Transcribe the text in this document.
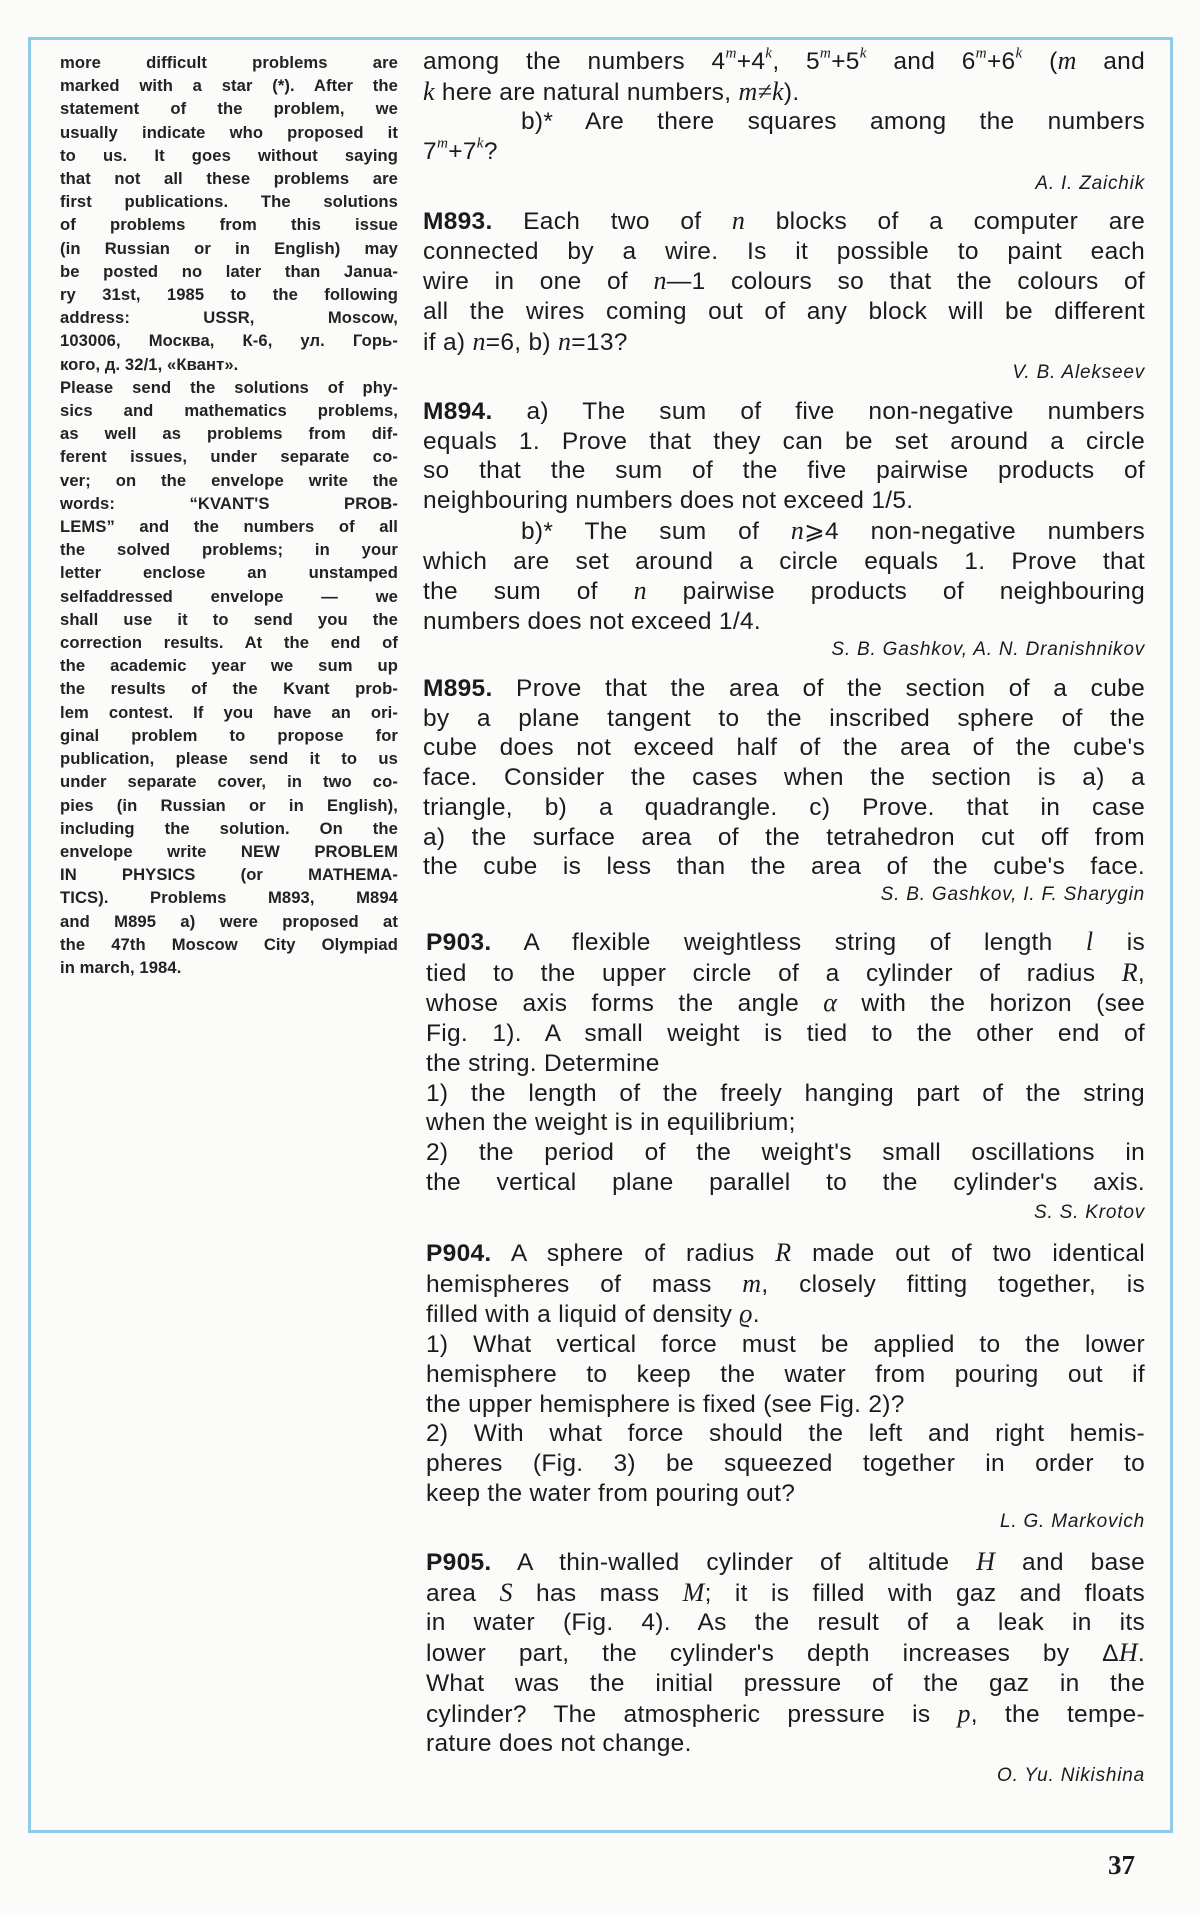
more difficult problems are
marked with a star (*). After the
statement of the problem, we
usually indicate who proposed it
to us. It goes without saying
that not all these problems are
first publications. The solutions
of problems from this issue
(in Russian or in English) may
be posted no later than Janua-
ry 31st, 1985 to the following
address: USSR, Moscow,
103006, Москва, К-6, ул. Горь-
кого, д. 32/1, «Квант».
Please send the solutions of phy-
sics and mathematics problems,
as well as problems from dif-
ferent issues, under separate co-
ver; on the envelope write the
words: “KVANT'S PROB-
LEMS” and the numbers of all
the solved problems; in your
letter enclose an unstamped
selfaddressed envelope — we
shall use it to send you the
correction results. At the end of
the academic year we sum up
the results of the Kvant prob-
lem contest. If you have an ori-
ginal problem to propose for
publication, please send it to us
under separate cover, in two co-
pies (in Russian or in English),
including the solution. On the
envelope write NEW PROBLEM
IN PHYSICS (or MATHEMA-
TICS). Problems M893, M894
and M895 a) were proposed at
the 47th Moscow City Olympiad
in march, 1984.
among the numbers $4^m+4^k$, $5^m+5^k$ and $6^m+6^k$ (m and
k here are natural numbers, m≠k).
b)* Are there squares among the numbers
$7^m+7^k$?
A. I. Zaichik
M893. Each two of n blocks of a computer are
connected by a wire. Is it possible to paint each
wire in one of n—1 colours so that the colours of
all the wires coming out of any block will be different
if a) n=6, b) n=13?
V. B. Alekseev
M894. a) The sum of five non-negative numbers
equals 1. Prove that they can be set around a circle
so that the sum of the five pairwise products of
neighbouring numbers does not exceed 1/5.
b)* The sum of n⩾4 non-negative numbers
which are set around a circle equals 1. Prove that
the sum of n pairwise products of neighbouring
numbers does not exceed 1/4.
S. B. Gashkov, A. N. Dranishnikov
M895. Prove that the area of the section of a cube
by a plane tangent to the inscribed sphere of the
cube does not exceed half of the area of the cube's
face. Consider the cases when the section is a) a
triangle, b) a quadrangle. c) Prove. that in case
a) the surface area of the tetrahedron cut off from
the cube is less than the area of the cube's face.
S. B. Gashkov, I. F. Sharygin
P903. A flexible weightless string of length l is
tied to the upper circle of a cylinder of radius R,
whose axis forms the angle α with the horizon (see
Fig. 1). A small weight is tied to the other end of
the string. Determine
1) the length of the freely hanging part of the string
when the weight is in equilibrium;
2) the period of the weight's small oscillations in
the vertical plane parallel to the cylinder's axis.
S. S. Krotov
P904. A sphere of radius R made out of two identical
hemispheres of mass m, closely fitting together, is
filled with a liquid of density ϱ.
1) What vertical force must be applied to the lower
hemisphere to keep the water from pouring out if
the upper hemisphere is fixed (see Fig. 2)?
2) With what force should the left and right hemis-
pheres (Fig. 3) be squeezed together in order to
keep the water from pouring out?
L. G. Markovich
P905. A thin-walled cylinder of altitude H and base
area S has mass M; it is filled with gaz and floats
in water (Fig. 4). As the result of a leak in its
lower part, the cylinder's depth increases by ΔH.
What was the initial pressure of the gaz in the
cylinder? The atmospheric pressure is p, the tempe-
rature does not change.
O. Yu. Nikishina
37
